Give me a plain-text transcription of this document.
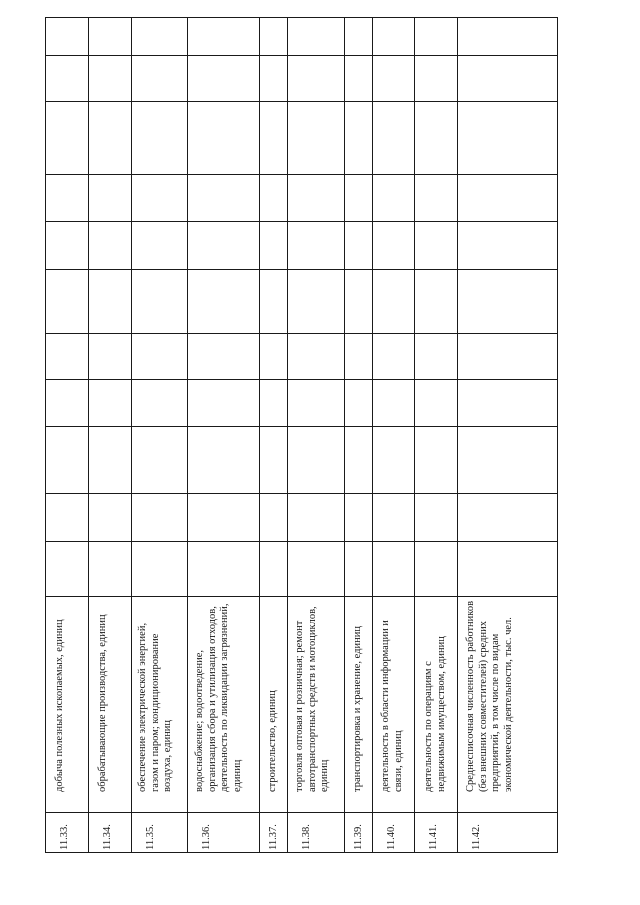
добыча полезных ископаемых, единиц
11.33.
обрабатывающие производства, единиц
11.34.
обеспечение электрической энергией, газом и паром; кондиционирование воздуха, единиц
11.35.
водоснабжение; водоотведение, организация сбора и утилизация отходов, деятельность по ликвидации загрязнений, единиц
11.36.
строительство, единиц
11.37.
торговля оптовая и розничная; ремонт автотранспортных средств и мотоциклов, единиц
11.38.
транспортировка и хранение, единиц
11.39.
деятельность в области информации и связи, единиц
11.40.
деятельность по операциям с недвижимым имуществом, единиц
11.41.
Среднесписочная численность работников (без внешних совместителей) средних предприятий, в том числе по видам экономической деятельности, тыс. чел.
11.42.
